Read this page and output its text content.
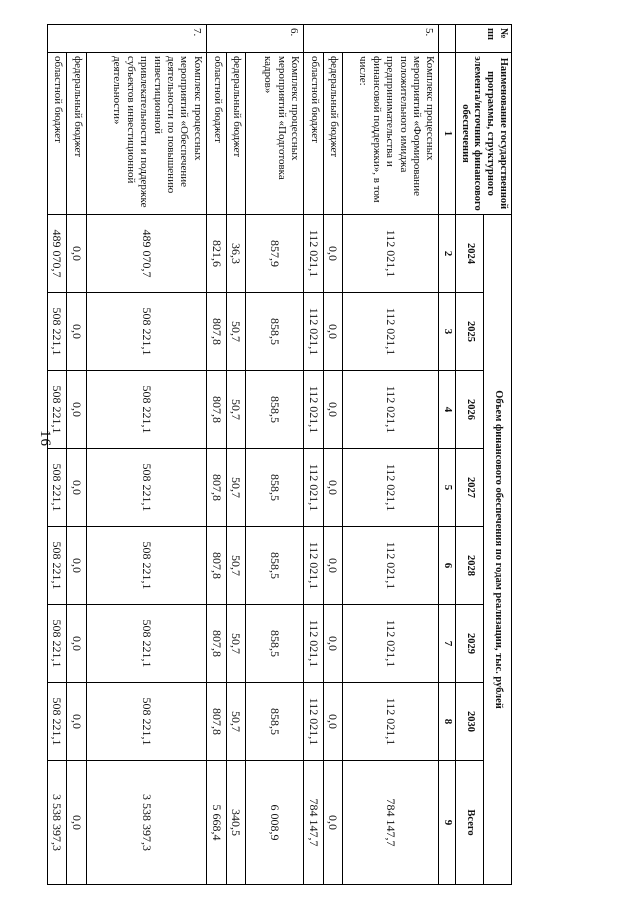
16
№ пп	Наименование государственной программы, структурного элемента/источник финансового обеспечения	Объем финансового обеспечения по годам реализации, тыс. рублей							
		2024	2025	2026	2027	2028	2029	2030	Всего
	1	2	3	4	5	6	7	8	9
5.	Комплекс процессных мероприятий «Формирование положительного имиджа предпринимательства и финансовой поддержки», в том числе:	112 021,1	112 021,1	112 021,1	112 021,1	112 021,1	112 021,1	112 021,1	784 147,7
	федеральный бюджет	0,0	0,0	0,0	0,0	0,0	0,0	0,0	0,0
	областной бюджет	112 021,1	112 021,1	112 021,1	112 021,1	112 021,1	112 021,1	112 021,1	784 147,7
6.	Комплекс процессных мероприятий «Подготовка кадров»	857,9	858,5	858,5	858,5	858,5	858,5	858,5	6 008,9
	федеральный бюджет	36,3	50,7	50,7	50,7	50,7	50,7	50,7	340,5
	областной бюджет	821,6	807,8	807,8	807,8	807,8	807,8	807,8	5 668,4
7.	Комплекс процессных мероприятий «Обеспечение деятельности по повышению инвестиционной привлекательности и поддержке субъектов инвестиционной деятельности»	489 070,7	508 221,1	508 221,1	508 221,1	508 221,1	508 221,1	508 221,1	3 538 397,3
	федеральный бюджет	0,0	0,0	0,0	0,0	0,0	0,0	0,0	0,0
	областной бюджет	489 070,7	508 221,1	508 221,1	508 221,1	508 221,1	508 221,1	508 221,1	3 538 397,3
